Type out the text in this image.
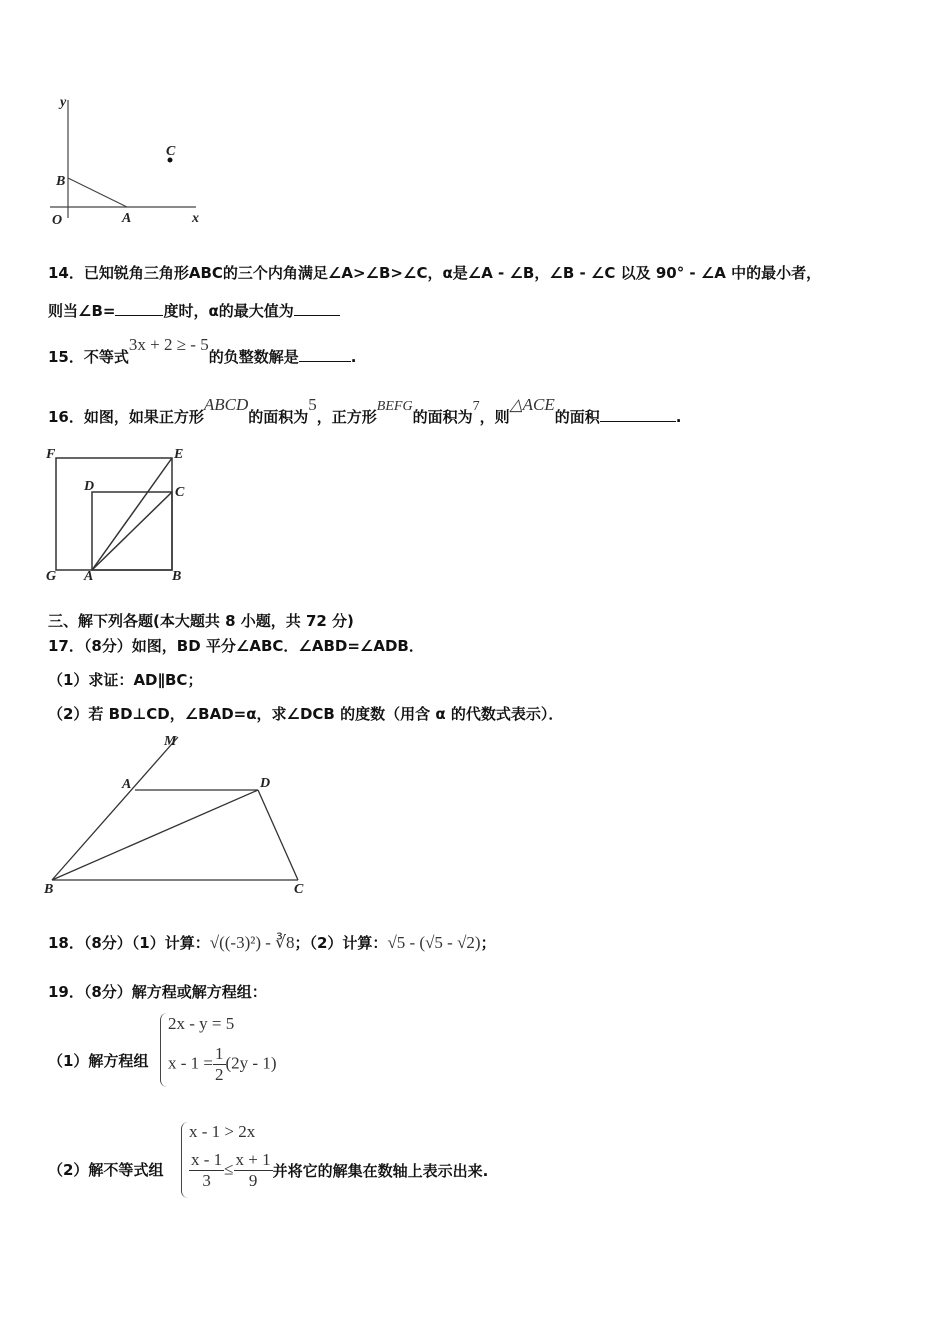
y
O
B
A	x
C
14．已知锐角三角形ABC的三个内角满足∠A>∠B>∠C，α是∠A - ∠B，∠B - ∠C 以及 90° - ∠A 中的最小者，
则当∠B=	度时，α的最大值为
15．不等式3x + 2 ≥ - 5的负整数解是	.
16．如图，如果正方形ABCD的面积为5，正方形BEFG的面积为7，则△ACE的面积	.
F	E
D	C
G A	B
三、解下列各题(本大题共 8 小题，共 72 分)
17．（8分）如图，BD 平分∠ABC．∠ABD=∠ADB．
（1）求证：AD∥BC；
（2）若 BD⊥CD，∠BAD=α，求∠DCB 的度数（用含 α 的代数式表示）．
M
A	D
B	C
18．（8分）（1）计算：√((-3)²) - ∛8；（2）计算：√5 - (√5 - √2)；
19．（8分）解方程或解方程组：
（1）解方程组
2x - y = 5
$x - 1 = \frac{1}{2} (2y - 1)$
（2）解不等式组
x - 1 > 2x
$\frac{x - 1}{3} \le \frac{x + 1}{9}$ 并将它的解集在数轴上表示出来.
